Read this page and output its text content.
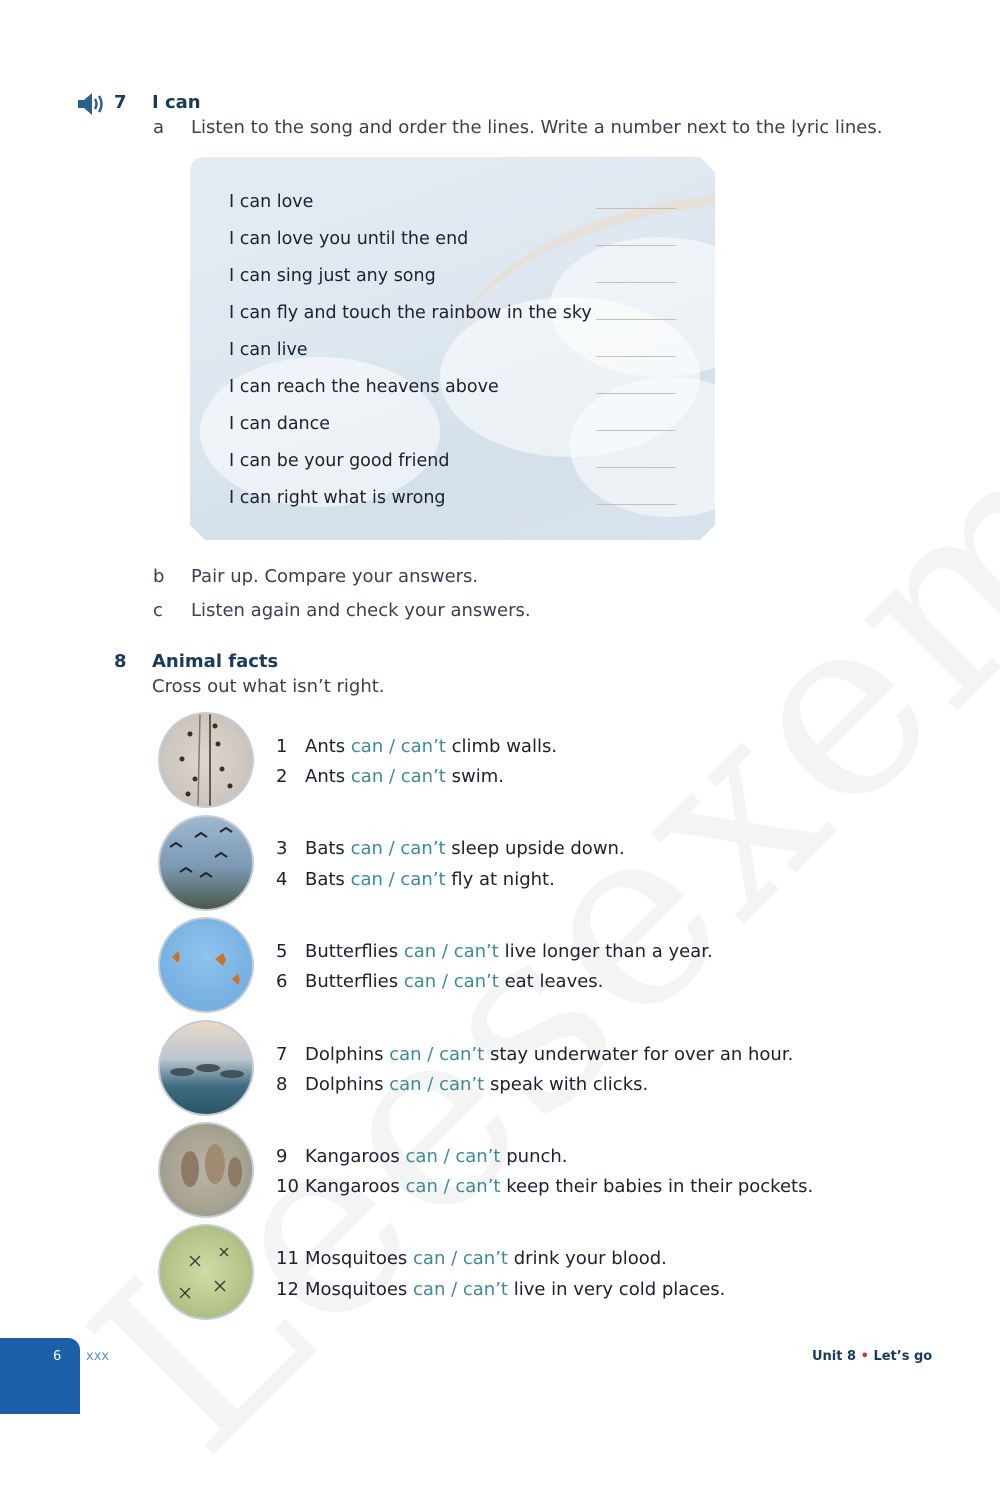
7 I can
a Listen to the song and order the lines. Write a number next to the lyric lines.
I can love
I can love you until the end
I can sing just any song
I can fly and touch the rainbow in the sky
I can live
I can reach the heavens above
I can dance
I can be your good friend
I can right what is wrong
b Pair up. Compare your answers.
c Listen again and check your answers.
8 Animal facts
Cross out what isn’t right.
1 Ants can / can’t climb walls.
2 Ants can / can’t swim.
3 Bats can / can’t sleep upside down.
4 Bats can / can’t fly at night.
5 Butterflies can / can’t live longer than a year.
6 Butterflies can / can’t eat leaves.
7 Dolphins can / can’t stay underwater for over an hour.
8 Dolphins can / can’t speak with clicks.
9 Kangaroos can / can’t punch.
10 Kangaroos can / can’t keep their babies in their pockets.
11 Mosquitoes can / can’t drink your blood.
12 Mosquitoes can / can’t live in very cold places.
6 xxx	Unit 8 • Let’s go
